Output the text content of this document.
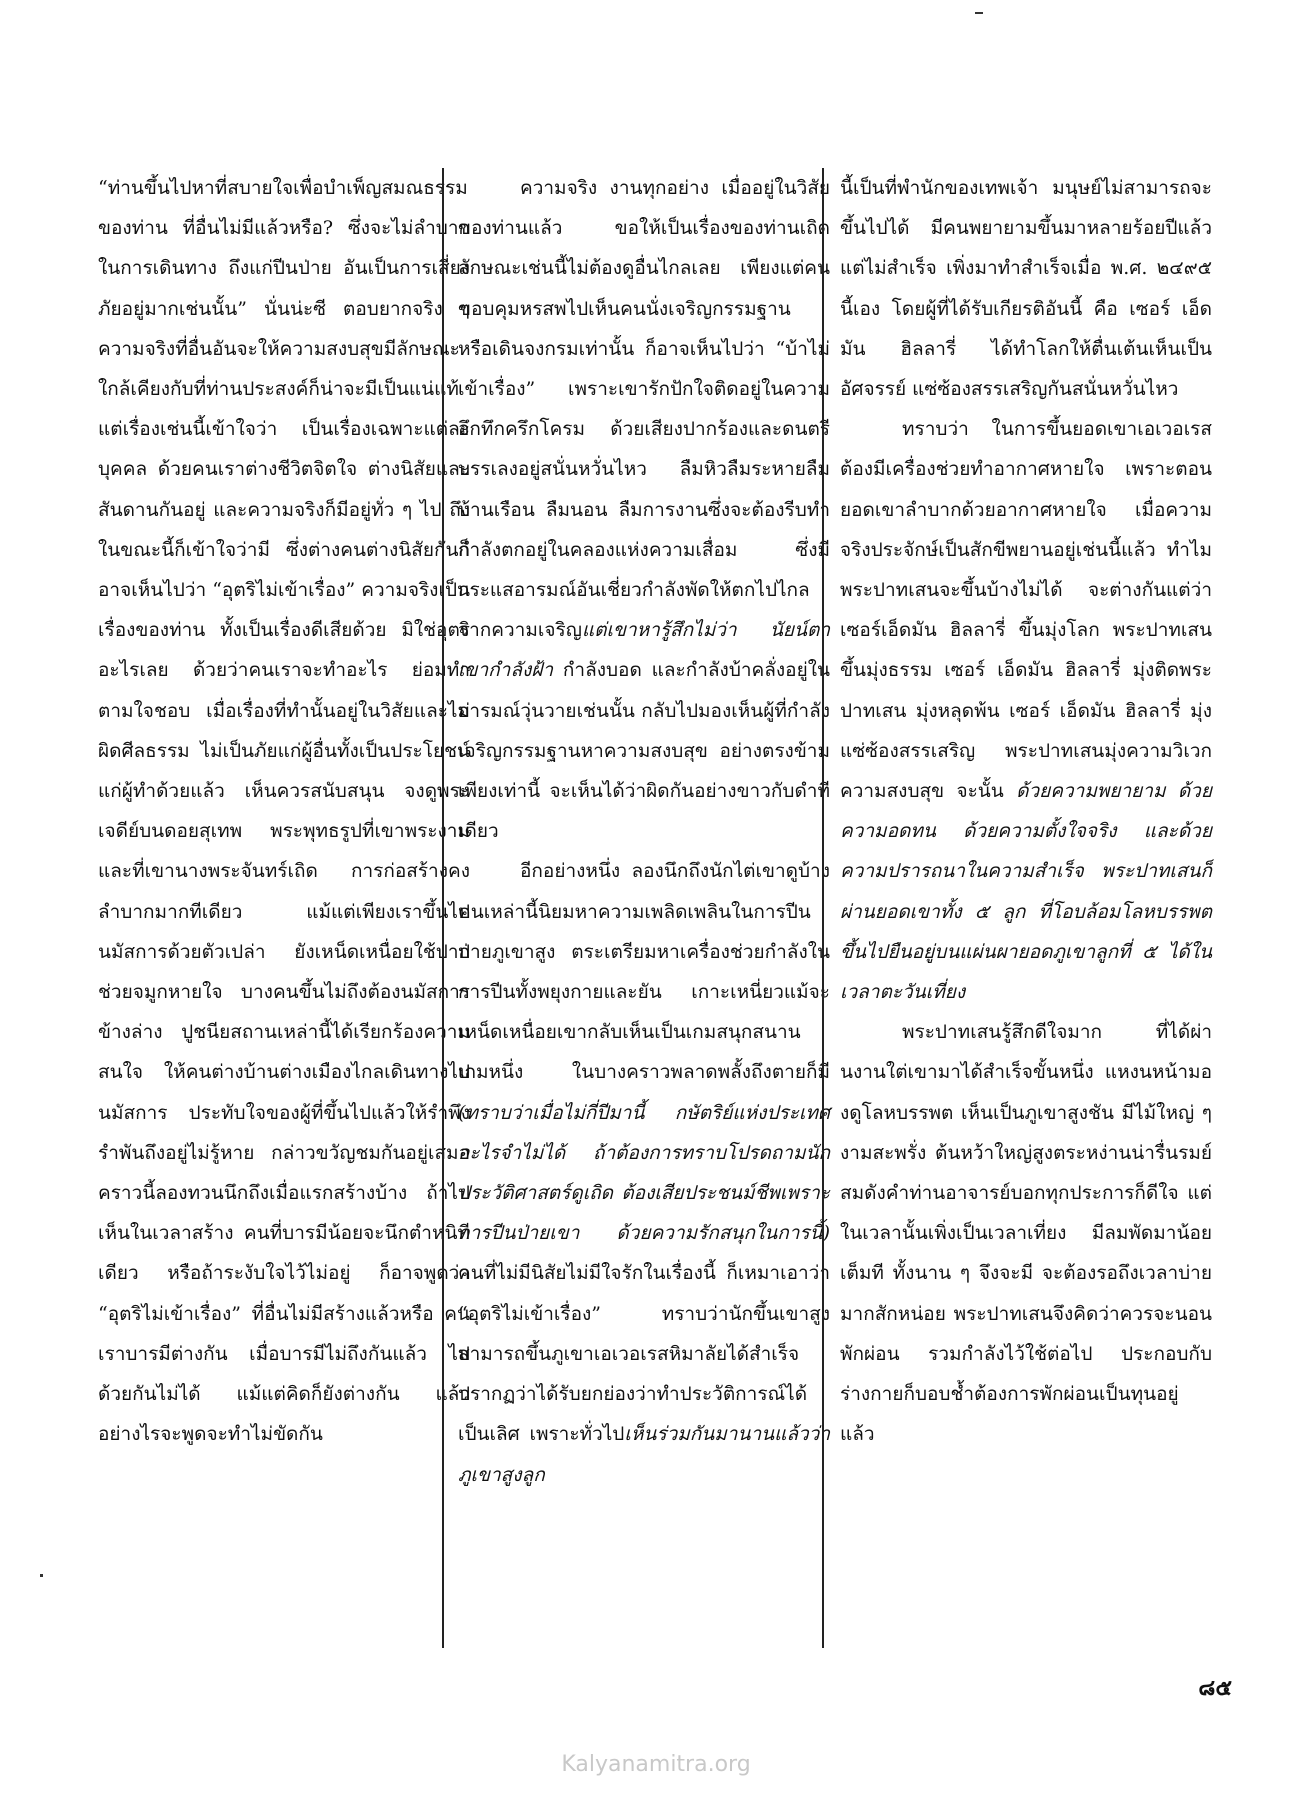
“ท่านขึ้นไปหาที่สบายใจเพื่อบำเพ็ญสมณธรรมของท่าน ที่อื่นไม่มีแล้วหรือ? ซึ่งจะไม่ลำบากในการเดินทาง ถึงแก่ปีนป่าย อันเป็นการเสี่ยงภัยอยู่มากเช่นนั้น” นั่นน่ะซี ตอบยากจริง ๆ ความจริงที่อื่นอันจะให้ความสงบสุขมีลักษณะใกล้เคียงกับที่ท่านประสงค์ก็น่าจะมีเป็นแน่แท้ แต่เรื่องเช่นนี้เข้าใจว่า เป็นเรื่องเฉพาะแต่ละบุคคล ด้วยคนเราต่างชีวิตจิตใจ ต่างนิสัยและสันดานกันอยู่ และความจริงก็มีอยู่ทั่ว ๆ ไป ถึงในขณะนี้ก็เข้าใจว่ามี ซึ่งต่างคนต่างนิสัยกันก็อาจเห็นไปว่า “อุตริไม่เข้าเรื่อง” ความจริงเป็นเรื่องของท่าน ทั้งเป็นเรื่องดีเสียด้วย มิใช่อุตริอะไรเลย ด้วยว่าคนเราจะทำอะไร ย่อมทำตามใจชอบ เมื่อเรื่องที่ทำนั้นอยู่ในวิสัยและไม่ผิดศีลธรรม ไม่เป็นภัยแก่ผู้อื่นทั้งเป็นประโยชน์แก่ผู้ทำด้วยแล้ว เห็นควรสนับสนุน จงดูพระเจดีย์บนดอยสุเทพ พระพุทธรูปที่เขาพระงามและที่เขานางพระจันทร์เถิด การก่อสร้างคงลำบากมากทีเดียว แม้แต่เพียงเราขึ้นไปนมัสการด้วยตัวเปล่า ยังเหน็ดเหนื่อยใช้ปากช่วยจมูกหายใจ บางคนขึ้นไม่ถึงต้องนมัสการข้างล่าง ปูชนียสถานเหล่านี้ได้เรียกร้องความสนใจ ให้คนต่างบ้านต่างเมืองไกลเดินทางไปนมัสการ ประทับใจของผู้ที่ขึ้นไปแล้วให้รำพึงรำพันถึงอยู่ไม่รู้หาย กล่าวขวัญชมกันอยู่เสมอ คราวนี้ลองทวนนึกถึงเมื่อแรกสร้างบ้าง ถ้าไปเห็นในเวลาสร้าง คนที่บารมีน้อยจะนึกตำหนิทีเดียว หรือถ้าระงับใจไว้ไม่อยู่ ก็อาจพูดว่า “อุตริไม่เข้าเรื่อง” ที่อื่นไม่มีสร้างแล้วหรือ คนเราบารมีต่างกัน เมื่อบารมีไม่ถึงกันแล้ว ไปด้วยกันไม่ได้ แม้แต่คิดก็ยังต่างกัน แล้วอย่างไรจะพูดจะทำไม่ขัดกัน

ความจริง งานทุกอย่าง เมื่ออยู่ในวิสัยของท่านแล้ว ขอให้เป็นเรื่องของท่านเถิด ลักษณะเช่นนี้ไม่ต้องดูอื่นไกลเลย เพียงแต่คนขอบคุมหรสพไปเห็นคนนั่งเจริญกรรมฐาน หรือเดินจงกรมเท่านั้น ก็อาจเห็นไปว่า “บ้าไม่เข้าเรื่อง” เพราะเขารักปักใจติดอยู่ในความอึกทึกครึกโครม ด้วยเสียงปากร้องและดนตรีบรรเลงอยู่สนั่นหวั่นไหว ลืมหิวลืมระหายลืมบ้านเรือน ลืมนอน ลืมการงานซึ่งจะต้องรีบทำ กำลังตกอยู่ในคลองแห่งความเสื่อม ซึ่งมีกระแสอารมณ์อันเชี่ยวกำลังพัดให้ตกไปไกลจากความเจริญแต่เขาหารู้สึกไม่ว่า นัยน์ตาเขากำลังฝ้า กำลังบอด และกำลังบ้าคลั่งอยู่ในอารมณ์วุ่นวายเช่นนั้น กลับไปมองเห็นผู้ที่กำลังเจริญกรรมฐานหาความสงบสุข อย่างตรงข้ามเพียงเท่านี้ จะเห็นได้ว่าผิดกันอย่างขาวกับดำทีเดียว

อีกอย่างหนึ่ง ลองนึกถึงนักไต่เขาดูบ้าง คนเหล่านี้นิยมหาความเพลิดเพลินในการปีนป่ายภูเขาสูง ตระเตรียมหาเครื่องช่วยกำลังในการปีนทั้งพยุงกายและยัน เกาะเหนี่ยวแม้จะเหน็ดเหนื่อยเขากลับเห็นเป็นเกมสนุกสนานเกมหนึ่ง ในบางคราวพลาดพลั้งถึงตายก็มี (ทราบว่าเมื่อไม่กี่ปีมานี้ กษัตริย์แห่งประเทศอะไรจำไม่ได้ ถ้าต้องการทราบโปรดถามนักประวัติศาสตร์ดูเถิด ต้องเสียประชนม์ชีพเพราะการปีนป่ายเขา ด้วยความรักสนุกในการนี้) คนที่ไม่มีนิสัยไม่มีใจรักในเรื่องนี้ ก็เหมาเอาว่า “อุตริไม่เข้าเรื่อง” ทราบว่านักขึ้นเขาสูงสามารถขึ้นภูเขาเอเวอเรสหิมาลัยได้สำเร็จ ปรากฏว่าได้รับยกย่องว่าทำประวัติการณ์ได้เป็นเลิศ เพราะทั่วไปเห็นร่วมกันมานานแล้วว่า ภูเขาสูงลูก

นี้เป็นที่พำนักของเทพเจ้า มนุษย์ไม่สามารถจะขึ้นไปได้ มีคนพยายามขึ้นมาหลายร้อยปีแล้ว แต่ไม่สำเร็จ เพิ่งมาทำสำเร็จเมื่อ พ.ศ. ๒๔๙๕ นี้เอง โดยผู้ที่ได้รับเกียรติอันนี้ คือ เซอร์ เอ็ดมัน ฮิลลารี่ ได้ทำโลกให้ตื่นเต้นเห็นเป็นอัศจรรย์ แซ่ซ้องสรรเสริญกันสนั่นหวั่นไหว

ทราบว่า ในการขึ้นยอดเขาเอเวอเรส ต้องมีเครื่องช่วยทำอากาศหายใจ เพราะตอนยอดเขาลำบากด้วยอากาศหายใจ เมื่อความจริงประจักษ์เป็นสักขีพยานอยู่เช่นนี้แล้ว ทำไมพระปาทเสนจะขึ้นบ้างไม่ได้ จะต่างกันแต่ว่า เซอร์เอ็ดมัน ฮิลลารี่ ขึ้นมุ่งโลก พระปาทเสนขึ้นมุ่งธรรม เซอร์ เอ็ดมัน ฮิลลารี่ มุ่งติดพระปาทเสน มุ่งหลุดพ้น เซอร์ เอ็ดมัน ฮิลลารี่ มุ่งแซ่ซ้องสรรเสริญ พระปาทเสนมุ่งความวิเวกความสงบสุข จะนั้น ด้วยความพยายาม ด้วยความอดทน ด้วยความตั้งใจจริง และด้วยความปรารถนาในความสำเร็จ พระปาทเสนก็ผ่านยอดเขาทั้ง ๕ ลูก ที่โอบล้อมโลหบรรพตขึ้นไปยืนอยู่บนแผ่นผายอดภูเขาลูกที่ ๕ ได้ในเวลาตะวันเที่ยง

พระปาทเสนรู้สึกดีใจมาก ที่ได้ผ่านงานใต่เขามาได้สำเร็จขั้นหนึ่ง แหงนหน้ามองดูโลหบรรพต เห็นเป็นภูเขาสูงชัน มีไม้ใหญ่ ๆ งามสะพรั่ง ต้นหว้าใหญ่สูงตระหง่านน่ารื่นรมย์ สมดังคำท่านอาจารย์บอกทุกประการก็ดีใจ แต่ในเวลานั้นเพิ่งเป็นเวลาเที่ยง มีลมพัดมาน้อยเต็มที ทั้งนาน ๆ จึงจะมี จะต้องรอถึงเวลาบ่ายมากสักหน่อย พระปาทเสนจึงคิดว่าควรจะนอนพักผ่อน รวมกำลังไว้ใช้ต่อไป ประกอบกับร่างกายก็บอบช้ำต้องการพักผ่อนเป็นทุนอยู่แล้ว

๘๕
Kalyanamitra.org
